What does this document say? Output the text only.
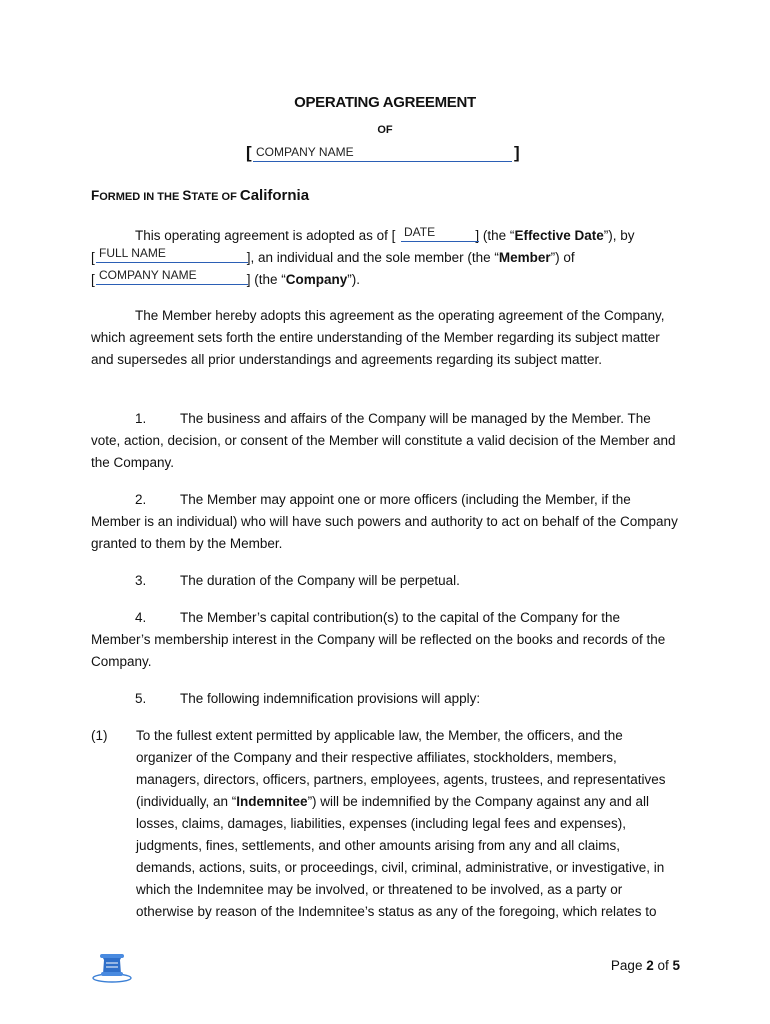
OPERATING AGREEMENT
OF
[ COMPANY NAME	]
FORMED IN THE STATE OF California
This operating agreement is adopted as of [	] (the “Effective Date”), by
DATE
[	], an individual and the sole member (the “Member”) of
FULL NAME
[	] (the “Company”).
COMPANY NAME

The Member hereby adopts this agreement as the operating agreement of the Company, which agreement sets forth the entire understanding of the Member regarding its subject matter and supersedes all prior understandings and agreements regarding its subject matter.

1. The business and affairs of the Company will be managed by the Member. The vote, action, decision, or consent of the Member will constitute a valid decision of the Member and the Company.

2. The Member may appoint one or more officers (including the Member, if the Member is an individual) who will have such powers and authority to act on behalf of the Company granted to them by the Member.

3. The duration of the Company will be perpetual.

4. The Member’s capital contribution(s) to the capital of the Company for the Member’s membership interest in the Company will be reflected on the books and records of the Company.

5. The following indemnification provisions will apply:

(1) To the fullest extent permitted by applicable law, the Member, the officers, and the organizer of the Company and their respective affiliates, stockholders, members, managers, directors, officers, partners, employees, agents, trustees, and representatives (individually, an “Indemnitee”) will be indemnified by the Company against any and all losses, claims, damages, liabilities, expenses (including legal fees and expenses), judgments, fines, settlements, and other amounts arising from any and all claims, demands, actions, suits, or proceedings, civil, criminal, administrative, or investigative, in which the Indemnitee may be involved, or threatened to be involved, as a party or otherwise by reason of the Indemnitee’s status as any of the foregoing, which relates to

Page 2 of 5
